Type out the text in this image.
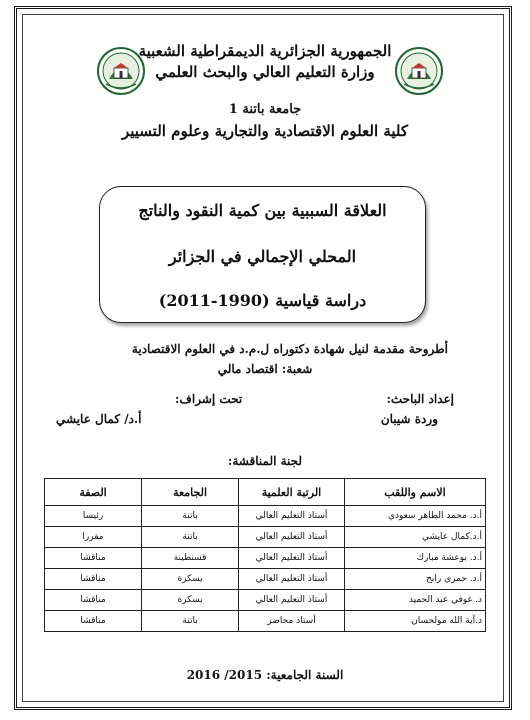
الجمهورية الجزائرية الديمقراطية الشعبية
وزارة التعليم العالي والبحث العلمي
جامعة باتنة 1
كلية العلوم الاقتصادية والتجارية وعلوم التسيير
العلاقة السببية بين كمية النقود والناتج
المحلي الإجمالي في الجزائر
دراسة قياسية (1990-2011)
أطروحة مقدمة لنيل شهادة دكتوراه ل.م.د في العلوم الاقتصادية
شعبة: اقتصاد مالي
إعداد الباحث:
وردة شيبان
تحت إشراف:
أ.د/ كمال عايشي
لجنة المناقشة:
الاسم واللقب	الرتبة العلمية	الجامعة	الصفة
أ.د. محمد الطاهر سعودي	أستاذ التعليم العالي	باتنة	رئيسا
أ.د.كمال عايشي	أستاذ التعليم العالي	باتنة	مقررا
أ.د. بوعشة مبارك	أستاذ التعليم العالي	قسنطينة	مناقشا
أ.د. حمري رابح	أستاذ التعليم العالي	بسكرة	مناقشا
د. غوفي عبد الحميد	أستاذ التعليم العالي	بسكرة	مناقشا
د.آية الله مولحسان	أستاذ محاضر	باتنة	مناقشا
السنة الجامعية: 2015/ 2016
